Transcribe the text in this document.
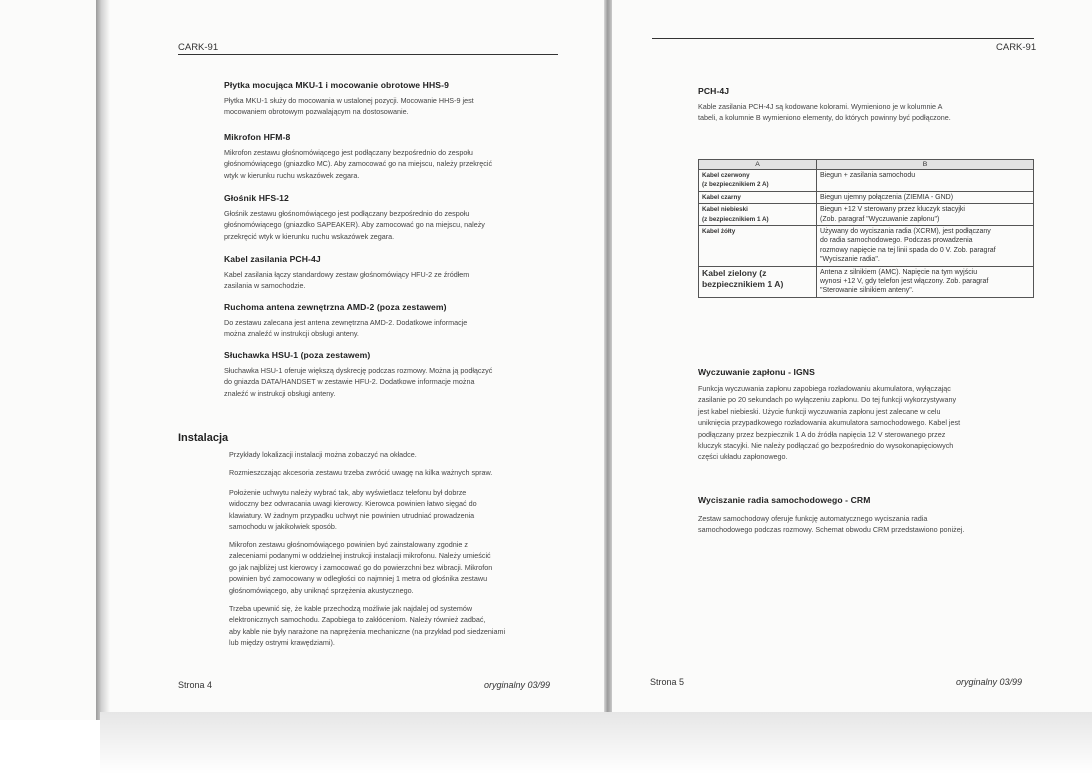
CARK-91
Płytka mocująca MKU-1 i mocowanie obrotowe HHS-9

Płytka MKU-1 służy do mocowania w ustalonej pozycji. Mocowanie HHS-9 jest
mocowaniem obrotowym pozwalającym na dostosowanie.

Mikrofon HFM-8

Mikrofon zestawu głośnomówiącego jest podłączany bezpośrednio do zespołu
głośnomówiącego (gniazdko MC). Aby zamocować go na miejscu, należy przekręcić
wtyk w kierunku ruchu wskazówek zegara.

Głośnik HFS-12

Głośnik zestawu głośnomówiącego jest podłączany bezpośrednio do zespołu
głośnomówiącego (gniazdko SAPEAKER). Aby zamocować go na miejscu, należy
przekręcić wtyk w kierunku ruchu wskazówek zegara.

Kabel zasilania PCH-4J

Kabel zasilania łączy standardowy zestaw głośnomówiący HFU-2 ze źródłem
zasilania w samochodzie.

Ruchoma antena zewnętrzna AMD-2 (poza zestawem)

Do zestawu zalecana jest antena zewnętrzna AMD-2. Dodatkowe informacje
można znaleźć w instrukcji obsługi anteny.

Słuchawka HSU-1 (poza zestawem)

Słuchawka HSU-1 oferuje większą dyskrecję podczas rozmowy. Można ją podłączyć
do gniazda DATA/HANDSET w zestawie HFU-2. Dodatkowe informacje można
znaleźć w instrukcji obsługi anteny.

Instalacja

Przykłady lokalizacji instalacji można zobaczyć na okładce.

Rozmieszczając akcesoria zestawu trzeba zwrócić uwagę na kilka ważnych spraw.

Położenie uchwytu należy wybrać tak, aby wyświetlacz telefonu był dobrze
widoczny bez odwracania uwagi kierowcy. Kierowca powinien łatwo sięgać do
klawiatury. W żadnym przypadku uchwyt nie powinien utrudniać prowadzenia
samochodu w jakikolwiek sposób.

Mikrofon zestawu głośnomówiącego powinien być zainstalowany zgodnie z
zaleceniami podanymi w oddzielnej instrukcji instalacji mikrofonu. Należy umieścić
go jak najbliżej ust kierowcy i zamocować go do powierzchni bez wibracji. Mikrofon
powinien być zamocowany w odległości co najmniej 1 metra od głośnika zestawu
głośnomówiącego, aby uniknąć sprzężenia akustycznego.

Trzeba upewnić się, że kable przechodzą możliwie jak najdalej od systemów
elektronicznych samochodu. Zapobiega to zakłóceniom. Należy również zadbać,
aby kable nie były narażone na naprężenia mechaniczne (na przykład pod siedzeniami
lub między ostrymi krawędziami).

Strona 4	oryginalny 03/99
CARK-91
PCH-4J

Kable zasilania PCH-4J są kodowane kolorami. Wymieniono je w kolumnie A
tabeli, a kolumnie B wymieniono elementy, do których powinny być podłączone.

A	B
Kabel czerwony
(z bezpiecznikiem 2 A)	Biegun + zasilania samochodu
Kabel czarny	Biegun ujemny połączenia (ZIEMIA - GND)
Kabel niebieski
(z bezpiecznikiem 1 A)	Biegun +12 V sterowany przez kluczyk stacyjki
(Zob. paragraf "Wyczuwanie zapłonu")
Kabel żółty	Używany do wyciszania radia (XCRM), jest podłączany
do radia samochodowego. Podczas prowadzenia
rozmowy napięcie na tej linii spada do 0 V. Zob. paragraf
"Wyciszanie radia".
Kabel zielony (z
bezpiecznikiem 1 A)	Antena z silnikiem (AMC). Napięcie na tym wyjściu
wynosi +12 V, gdy telefon jest włączony. Zob. paragraf
"Sterowanie silnikiem anteny".
Wyczuwanie zapłonu - IGNS

Funkcja wyczuwania zapłonu zapobiega rozładowaniu akumulatora, wyłączając
zasilanie po 20 sekundach po wyłączeniu zapłonu. Do tej funkcji wykorzystywany
jest kabel niebieski. Użycie funkcji wyczuwania zapłonu jest zalecane w celu
uniknięcia przypadkowego rozładowania akumulatora samochodowego. Kabel jest
podłączany przez bezpiecznik 1 A do źródła napięcia 12 V sterowanego przez
kluczyk stacyjki. Nie należy podłączać go bezpośrednio do wysokonapięciowych
części układu zapłonowego.

Wyciszanie radia samochodowego - CRM

Zestaw samochodowy oferuje funkcję automatycznego wyciszania radia
samochodowego podczas rozmowy. Schemat obwodu CRM przedstawiono poniżej.

Strona 5	oryginalny 03/99
